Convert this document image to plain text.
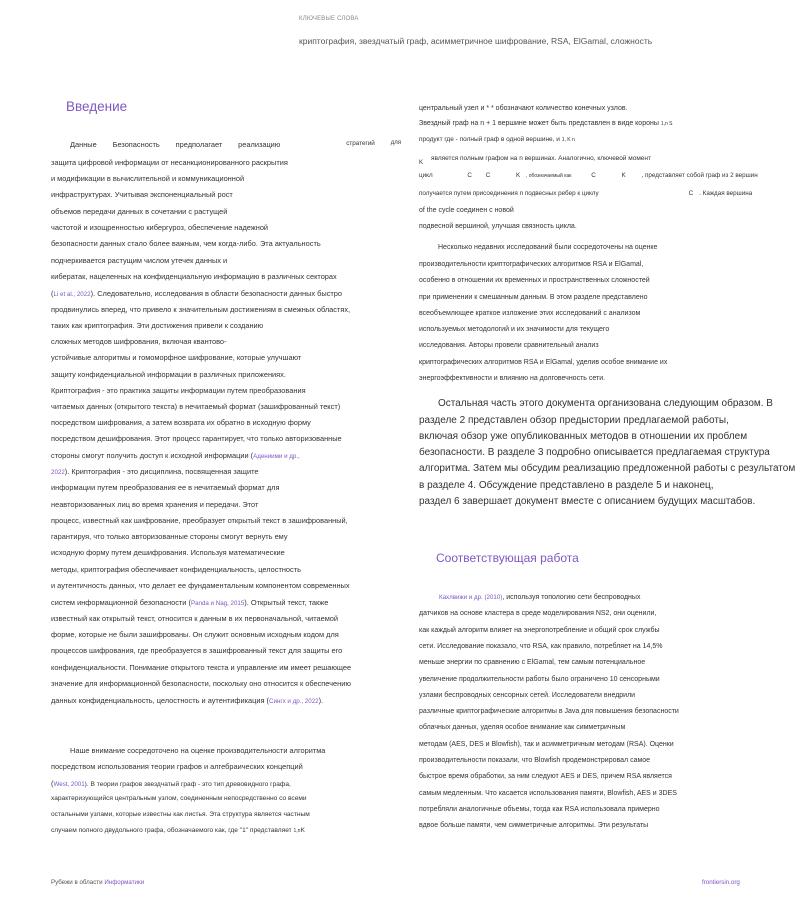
КЛЮЧЕВЫЕ СЛОВА
криптография, звездчатый граф, асимметричное шифрование, RSA, ElGamal, сложность
Введение
Данные Безопасность предполагает реализацию	стратегий	для
защита цифровой информации от несанкционированного раскрытия
и модификации в вычислительной и коммуникационной
инфраструктурах. Учитывая экспоненциальный рост
объемов передачи данных в сочетании с растущей
частотой и изощренностью кибергуроз, обеспечение надежной
безопасности данных стало более важным, чем когда-либо. Эта актуальность
подчеркивается растущим числом утечек данных и
кибератак, нацеленных на конфиденциальную информацию в различных секторах
(Li et al., 2022). Следовательно, исследования в области безопасности данных быстро
продвинулись вперед, что привело к значительным достижениям в смежных областях,
таких как криптография. Эти достижения привели к созданию
сложных методов шифрования, включая квантово-
устойчивые алгоритмы и гомоморфное шифрование, которые улучшают
защиту конфиденциальной информации в различных приложениях.
Криптография - это практика защиты информации путем преобразования
читаемых данных (открытого текста) в нечитаемый формат (зашифрованный текст)
посредством шифрования, а затем возврата их обратно в исходную форму
посредством дешифрования. Этот процесс гарантирует, что только авторизованные
стороны смогут получить доступ к исходной информации (Адениими и др.,
2022). Криптография - это дисциплина, посвященная защите
информации путем преобразования ее в нечитаемый формат для
неавторизованных лиц во время хранения и передачи. Этот
процесс, известный как шифрование, преобразует открытый текст в зашифрованный,
гарантируя, что только авторизованные стороны смогут вернуть ему
исходную форму путем дешифрования. Используя математические
методы, криптография обеспечивает конфиденциальность, целостность
и аутентичность данных, что делает ее фундаментальным компонентом современных
систем информационной безопасности (Panda и Nag, 2015). Открытый текст, также
известный как открытый текст, относится к данным в их первоначальной, читаемой
форме, которые не были зашифрованы. Он служит основным исходным кодом для
процессов шифрования, где преобразуется в зашифрованный текст для защиты его
конфиденциальности. Понимание открытого текста и управление им имеет решающее
значение для информационной безопасности, поскольку оно относится к обеспечению
данных конфиденциальность, целостность и аутентификация (Сингх и др., 2022).
Наше внимание сосредоточено на оценке производительности алгоритма
посредством использования теории графов и алгебраических концепций
(West, 2001). В теории графов звездчатый граф - это тип древовидного графа,
характеризующийся центральным узлом, соединенным непосредственно со всеми
остальными узлами, которые известны как листья. Эта структура является частным
случаем полного двудольного графа, обозначаемого как, где "1" представляет 1,nK
центральный узел и * * обозначают количество конечных узлов.
Звездный граф на n + 1 вершине может быть представлен в виде короны 1,n S
продукт где - полный граф в одной вершине, и 1, K n
Kявляется полным графом на n вершинах. Аналогично, ключевой момент
цикл	C C	K , обозначаемый как	C	K	, представляет собой граф из 2 вершин
получается путем присоединения n подвесных ребер к циклу	C . Каждая вершина
of the cycle соединен с новой
подвесной вершиной, улучшая связность цикла.
Несколько недавних исследований были сосредоточены на оценке
производительности криптографических алгоритмов RSA и ElGamal,
особенно в отношении их временных и пространственных сложностей
при применении к смешанным данным. В этом разделе представлено
всеобъемлющее краткое изложение этих исследований с анализом
используемых методологий и их значимости для текущего
исследования. Авторы провели сравнительный анализ
криптографических алгоритмов RSA и ElGamal, уделив особое внимание их
энергоэффективности и влиянию на долговечность сети.
Остальная часть этого документа организована следующим образом. В
разделе 2 представлен обзор предыстории предлагаемой работы,
включая обзор уже опубликованных методов в отношении их проблем
безопасности. В разделе 3 подробно описывается предлагаемая структура
алгоритма. Затем мы обсудим реализацию предложенной работы с результатом
в разделе 4. Обсуждение представлено в разделе 5 и наконец,
раздел 6 завершает документ вместе с описанием будущих масштабов.
Соответствующая работа
Кахлвижи и др. (2010), используя топологию сети беспроводных
датчиков на основе кластера в среде моделирования NS2, они оценили,
как каждый алгоритм влияет на энергопотребление и общий срок службы
сети. Исследование показало, что RSA, как правило, потребляет на 14,5%
меньше энергии по сравнению с ElGamal, тем самым потенциальное
увеличение продолжительности работы было ограничено 10 сенсорными
узлами беспроводных сенсорных сетей. Исследователи внедрили
различные криптографические алгоритмы в Java для повышения безопасности
облачных данных, уделяя особое внимание как симметричным
методам (AES, DES и Blowfish), так и асимметричным методам (RSA). Оценки
производительности показали, что Blowfish продемонстрировал самое
быстрое время обработки, за ним следуют AES и DES, причем RSA является
самым медленным. Что касается использования памяти, Blowfish, AES и 3DES
потребляли аналогичные объемы, тогда как RSA использовала примерно
вдвое больше памяти, чем симметричные алгоритмы. Эти результаты
Рубежи в области Информатики	frontiersin.org
